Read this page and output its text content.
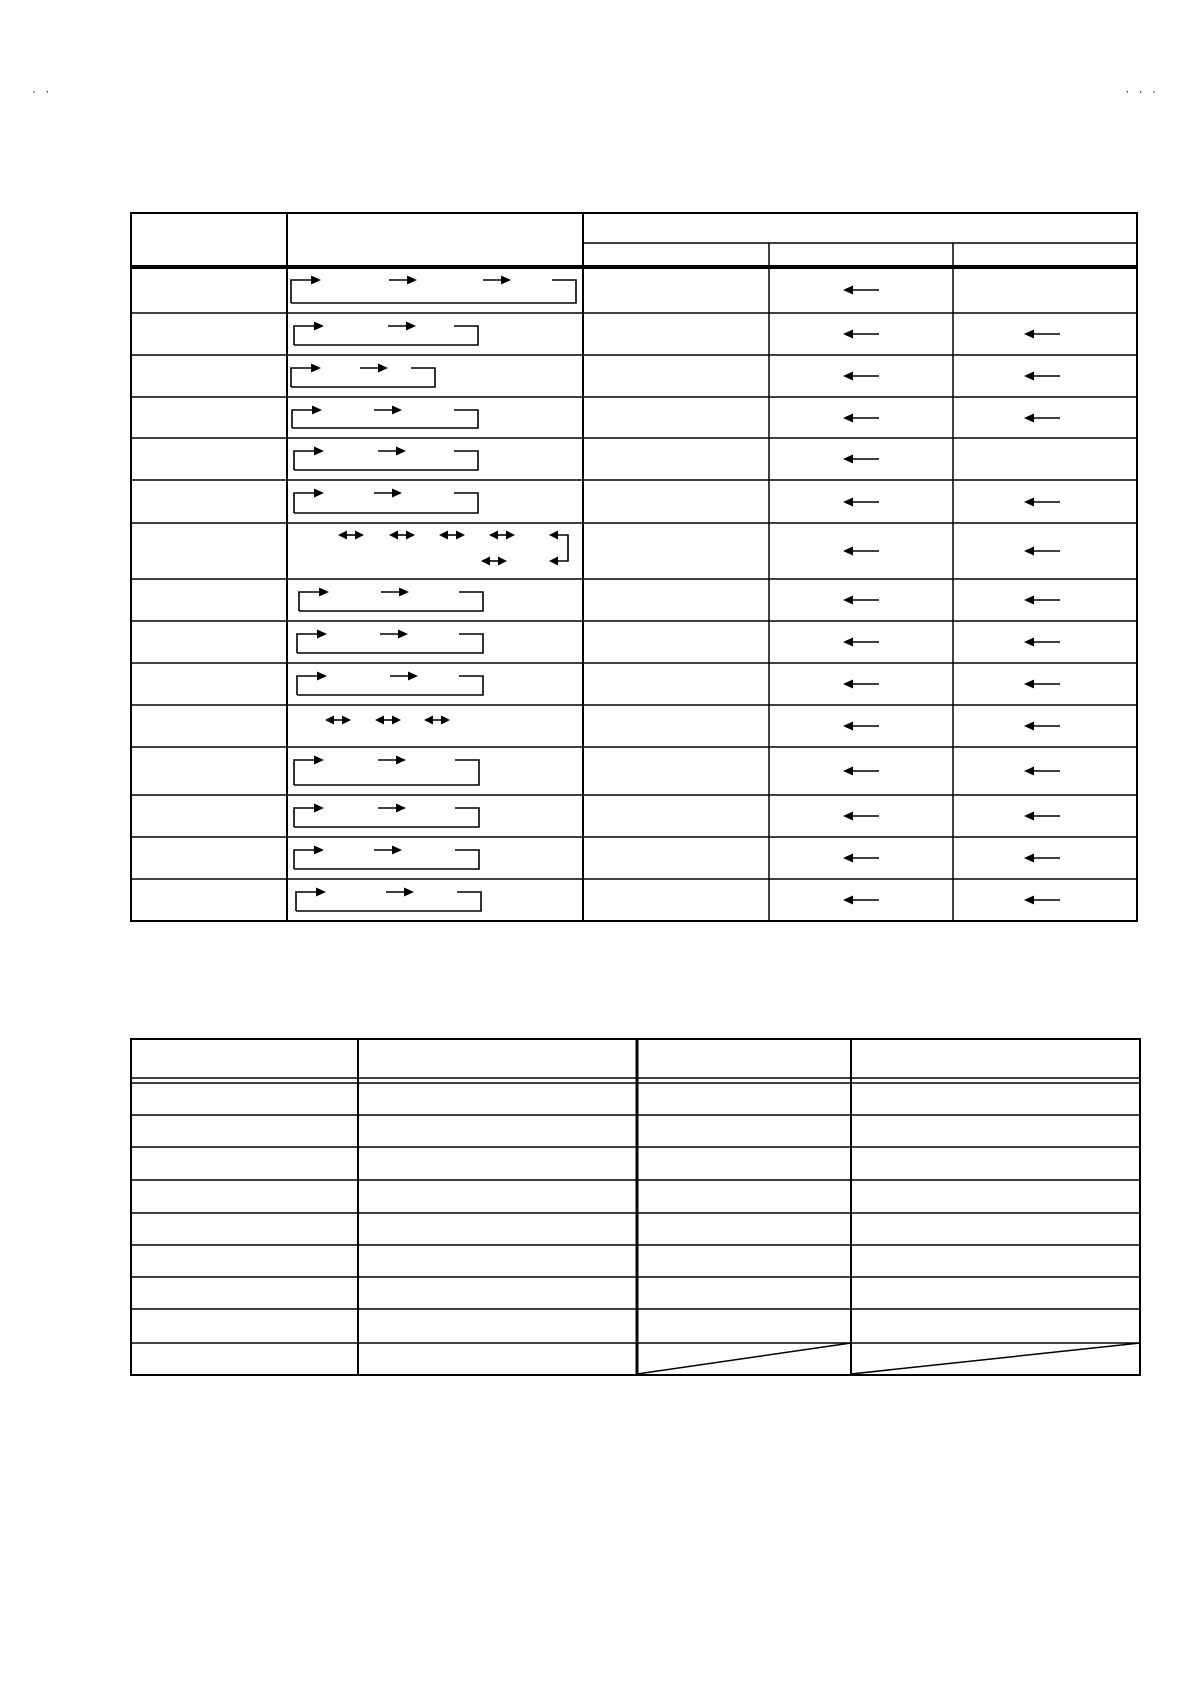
· ·	· · ·
